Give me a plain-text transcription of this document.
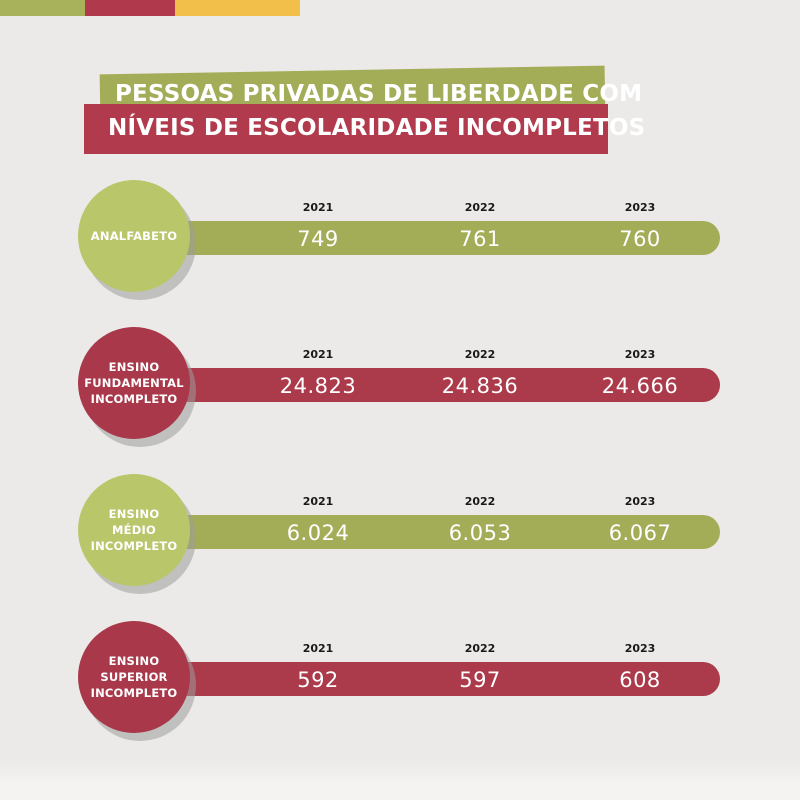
PESSOAS PRIVADAS DE LIBERDADE COM
NÍVEIS DE ESCOLARIDADE INCOMPLETOS
ANALFABETO
2021
749
2022
761
2023
760
ENSINO
FUNDAMENTAL
INCOMPLETO
2021
24.823
2022
24.836
2023
24.666
ENSINO
MÉDIO
INCOMPLETO
2021
6.024
2022
6.053
2023
6.067
ENSINO
SUPERIOR
INCOMPLETO
2021
592
2022
597
2023
608
